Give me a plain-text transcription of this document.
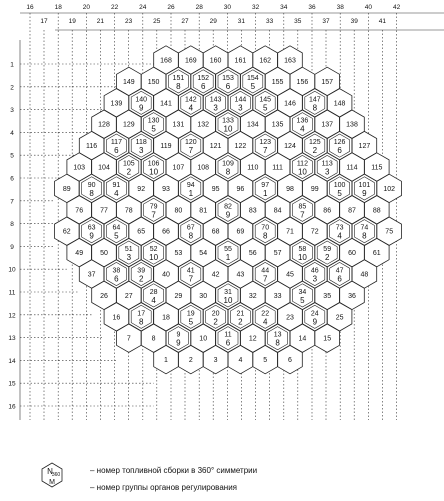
16	18	20	22	24	26	28	30	32	34	36	38	40	42
17	19	21	23	25	27	29	31	33	35	37	39	41
1
2
3
4
5
6
7
8
9
10
11
12
13
14
15
16
168 169 160 161 162 163
149 150
151
8
152
6
153
6
154
5 155 156 157
139
140
9 141
142
4
143
3
144
3
145
5 146
147
8 148
128 129
130
5 131 132
133
10 134 135
136
4 137 138
116
117
6
118
3 119
120
7 121 122
123
7 124
125
2
126
6 127
103 104
105
2
106
10 107 108
109
8 110 111
112
10
113
3 114 115
89
90
8
91
4	92 93
94
1	95 96
97
1	98 99
100
5
101
9 102
76 77 78
79
7	80 81
82
9	83 84
85
7	86 87 88
62
63
9
64
5	65 66
67
8	68 69
70
8	71 72
73
4
74
8	75
49 50
51
3
52
10 53 54
55
1	56 57
58
10
59
2	60 61
37
38
6
39
2	40
41
7	42 43
44
7	45
46
3
47
6	48
26 27
28
4	29 30
31
10 32 33
34
5	35 36
16
17
8	18
19
5
20
2
21
2
22
4	23
24
9	25
7	8
9
9	10
11
6	12
13
8	14 15
1	2	3	4	5	6
N
360
M
– номер топливной сборки в 360° симметрии
– номер группы органов регулирования
